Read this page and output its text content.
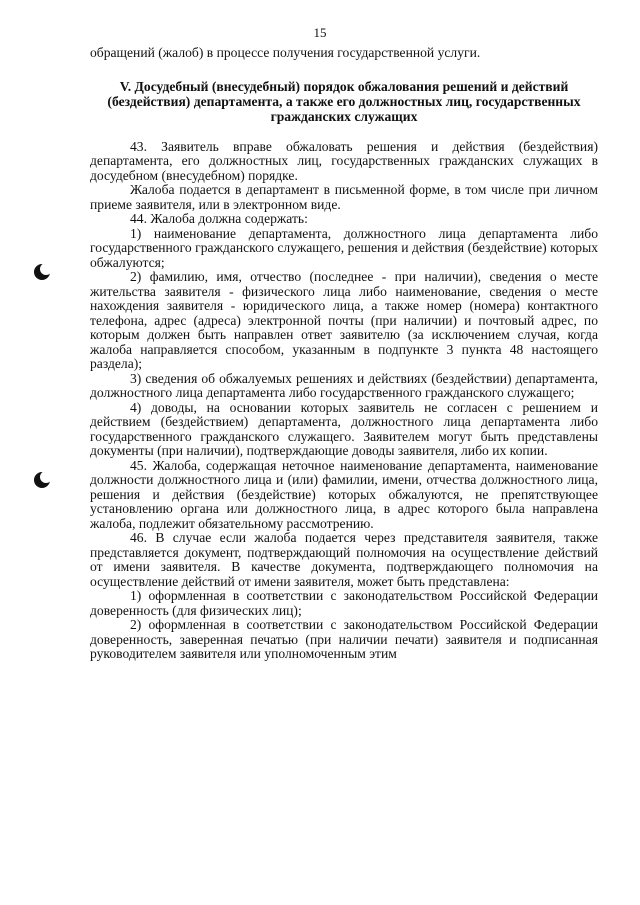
15

обращений (жалоб) в процессе получения государственной услуги.

V. Досудебный (внесудебный) порядок обжалования решений и действий (бездействия) департамента, а также его должностных лиц, государственных гражданских служащих

43. Заявитель вправе обжаловать решения и действия (бездействия) департамента, его должностных лиц, государственных гражданских служащих в досудебном (внесудебном) порядке.

Жалоба подается в департамент в письменной форме, в том числе при личном приеме заявителя, или в электронном виде.

44. Жалоба должна содержать:

1) наименование департамента, должностного лица департамента либо государственного гражданского служащего, решения и действия (бездействие) которых обжалуются;

2) фамилию, имя, отчество (последнее - при наличии), сведения о месте жительства заявителя - физического лица либо наименование, сведения о месте нахождения заявителя - юридического лица, а также номер (номера) контактного телефона, адрес (адреса) электронной почты (при наличии) и почтовый адрес, по которым должен быть направлен ответ заявителю (за исключением случая, когда жалоба направляется способом, указанным в подпункте 3 пункта 48 настоящего раздела);

3) сведения об обжалуемых решениях и действиях (бездействии) департамента, должностного лица департамента либо государственного гражданского служащего;

4) доводы, на основании которых заявитель не согласен с решением и действием (бездействием) департамента, должностного лица департамента либо государственного гражданского служащего. Заявителем могут быть представлены документы (при наличии), подтверждающие доводы заявителя, либо их копии.

45. Жалоба, содержащая неточное наименование департамента, наименование должности должностного лица и (или) фамилии, имени, отчества должностного лица, решения и действия (бездействие) которых обжалуются, не препятствующее установлению органа или должностного лица, в адрес которого была направлена жалоба, подлежит обязательному рассмотрению.

46. В случае если жалоба подается через представителя заявителя, также представляется документ, подтверждающий полномочия на осуществление действий от имени заявителя. В качестве документа, подтверждающего полномочия на осуществление действий от имени заявителя, может быть представлена:

1) оформленная в соответствии с законодательством Российской Федерации доверенность (для физических лиц);

2) оформленная в соответствии с законодательством Российской Федерации доверенность, заверенная печатью (при наличии печати) заявителя и подписанная руководителем заявителя или уполномоченным этим
